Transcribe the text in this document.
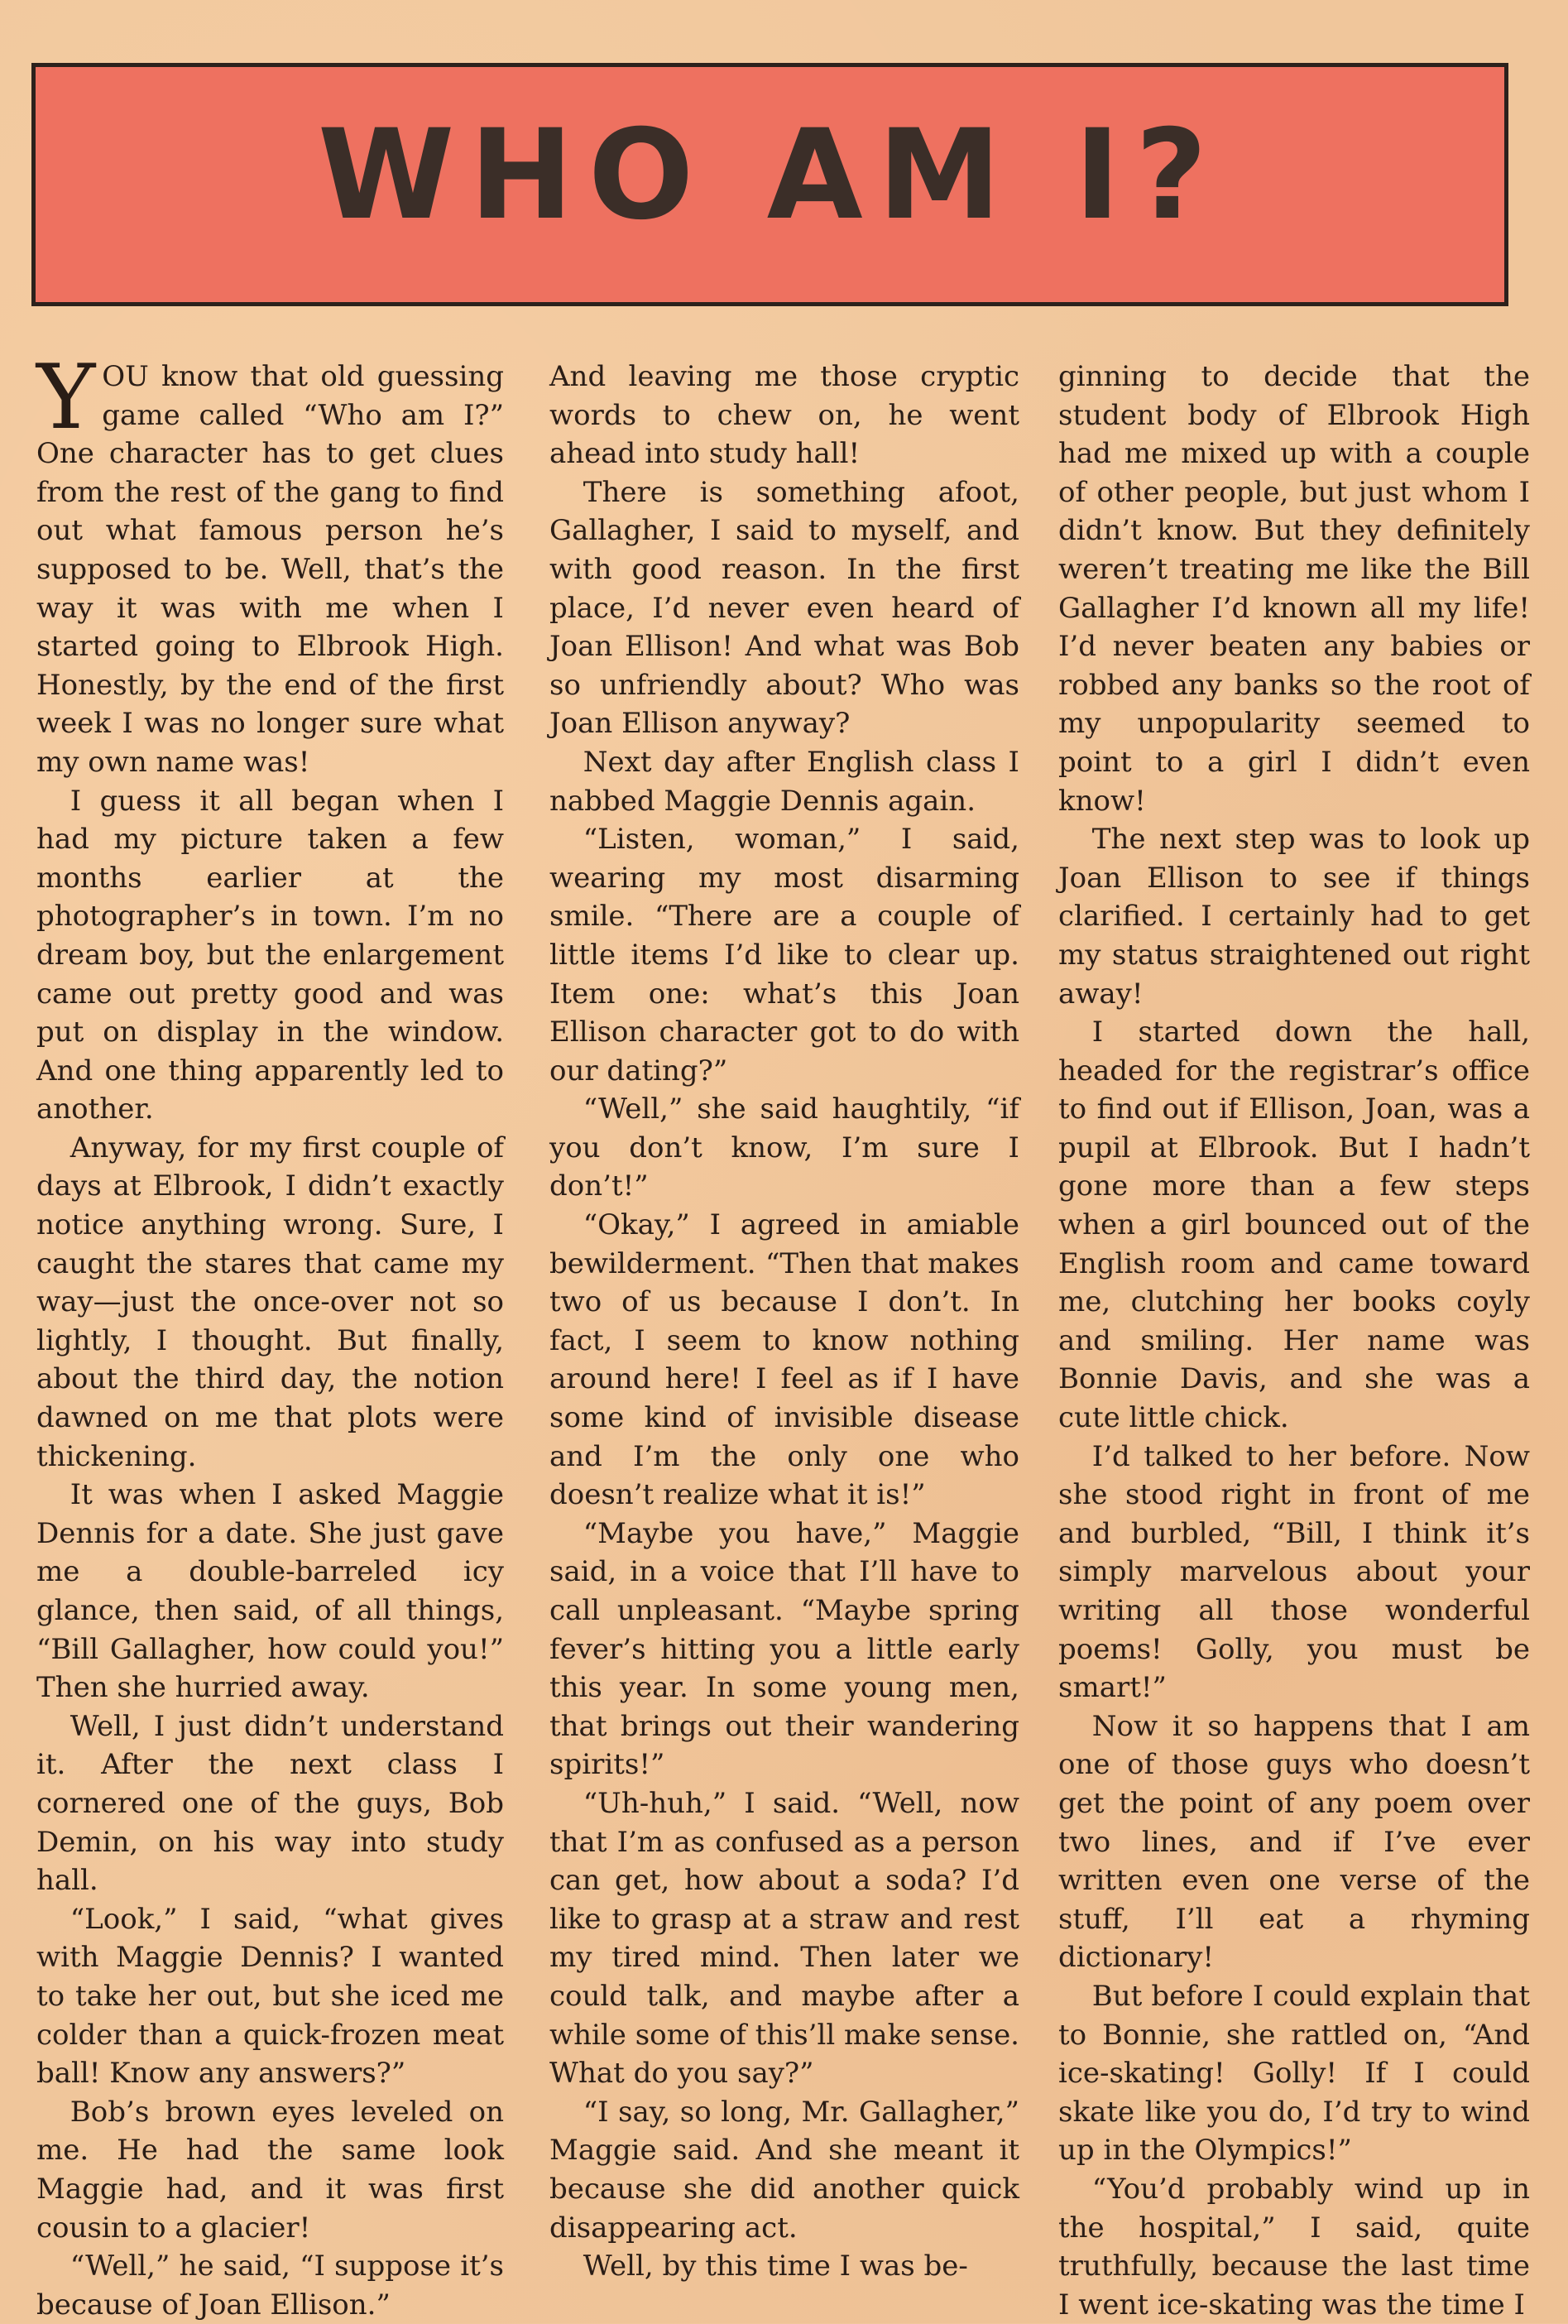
WHO AM I?

YOU know that old guessing game called “Who am I?” One character has to get clues from the rest of the gang to find out what famous person he’s supposed to be. Well, that’s the way it was with me when I started going to Elbrook High. Honestly, by the end of the first week I was no longer sure what my own name was!

I guess it all began when I had my picture taken a few months earlier at the photographer’s in town. I’m no dream boy, but the enlargement came out pretty good and was put on display in the window. And one thing apparently led to another.

Anyway, for my first couple of days at Elbrook, I didn’t exactly notice anything wrong. Sure, I caught the stares that came my way—just the once-over not so lightly, I thought. But finally, about the third day, the notion dawned on me that plots were thickening.

It was when I asked Maggie Dennis for a date. She just gave me a double-barreled icy glance, then said, of all things, “Bill Gallagher, how could you!” Then she hurried away.

Well, I just didn’t understand it. After the next class I cornered one of the guys, Bob Demin, on his way into study hall.

“Look,” I said, “what gives with Maggie Dennis? I wanted to take her out, but she iced me colder than a quick-frozen meat ball! Know any answers?”

Bob’s brown eyes leveled on me. He had the same look Maggie had, and it was first cousin to a glacier!

“Well,” he said, “I suppose it’s because of Joan Ellison.”

And leaving me those cryptic words to chew on, he went ahead into study hall!

There is something afoot, Gallagher, I said to myself, and with good reason. In the first place, I’d never even heard of Joan Ellison! And what was Bob so unfriendly about? Who was Joan Ellison anyway?

Next day after English class I nabbed Maggie Dennis again.

“Listen, woman,” I said, wearing my most disarming smile. “There are a couple of little items I’d like to clear up. Item one: what’s this Joan Ellison character got to do with our dating?”

“Well,” she said haughtily, “if you don’t know, I’m sure I don’t!”

“Okay,” I agreed in amiable bewilderment. “Then that makes two of us because I don’t. In fact, I seem to know nothing around here! I feel as if I have some kind of invisible disease and I’m the only one who doesn’t realize what it is!”

“Maybe you have,” Maggie said, in a voice that I’ll have to call unpleasant. “Maybe spring fever’s hitting you a little early this year. In some young men, that brings out their wandering spirits!”

“Uh-huh,” I said. “Well, now that I’m as confused as a person can get, how about a soda? I’d like to grasp at a straw and rest my tired mind. Then later we could talk, and maybe after a while some of this’ll make sense. What do you say?”

“I say, so long, Mr. Gallagher,” Maggie said. And she meant it because she did another quick disappearing act.

Well, by this time I was be-

ginning to decide that the student body of Elbrook High had me mixed up with a couple of other people, but just whom I didn’t know. But they definitely weren’t treating me like the Bill Gallagher I’d known all my life! I’d never beaten any babies or robbed any banks so the root of my unpopularity seemed to point to a girl I didn’t even know!

The next step was to look up Joan Ellison to see if things clarified. I certainly had to get my status straightened out right away!

I started down the hall, headed for the registrar’s office to find out if Ellison, Joan, was a pupil at Elbrook. But I hadn’t gone more than a few steps when a girl bounced out of the English room and came toward me, clutching her books coyly and smiling. Her name was Bonnie Davis, and she was a cute little chick.

I’d talked to her before. Now she stood right in front of me and burbled, “Bill, I think it’s simply marvelous about your writing all those wonderful poems! Golly, you must be smart!”

Now it so happens that I am one of those guys who doesn’t get the point of any poem over two lines, and if I’ve ever written even one verse of the stuff, I’ll eat a rhyming dictionary!

But before I could explain that to Bonnie, she rattled on, “And ice-skating! Golly! If I could skate like you do, I’d try to wind up in the Olympics!”

“You’d probably wind up in the hospital,” I said, quite truthfully, because the last time I went ice-skating was the time I
